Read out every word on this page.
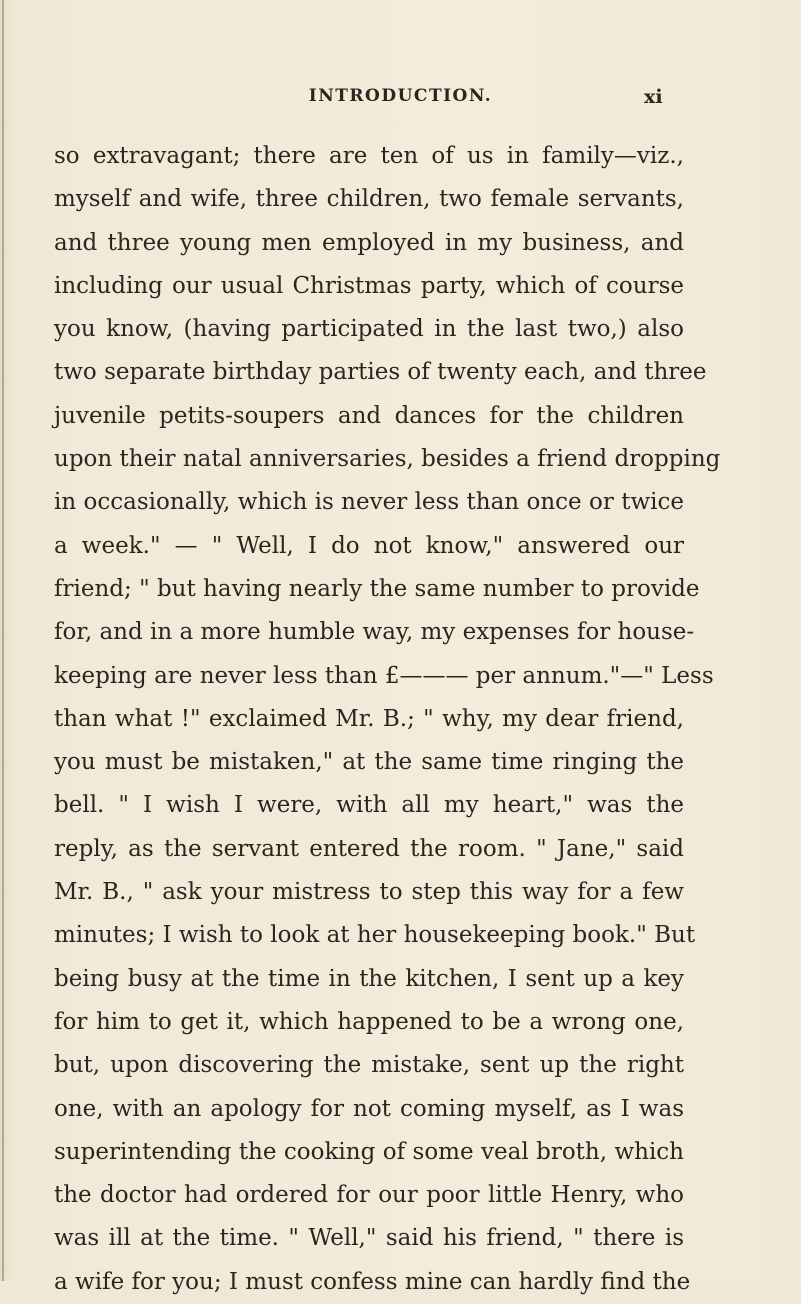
INTRODUCTION.	xi
so extravagant; there are ten of us in family—viz.,
myself and wife, three children, two female servants,
and three young men employed in my business, and
including our usual Christmas party, which of course
you know, (having participated in the last two,) also
two separate birthday parties of twenty each, and three
juvenile petits-soupers and dances for the children
upon their natal anniversaries, besides a friend dropping
in occasionally, which is never less than once or twice
a week." — " Well, I do not know," answered our
friend; " but having nearly the same number to provide
for, and in a more humble way, my expenses for house-
keeping are never less than £——— per annum."—" Less
than what !" exclaimed Mr. B.; " why, my dear friend,
you must be mistaken," at the same time ringing the
bell. " I wish I were, with all my heart," was the
reply, as the servant entered the room. " Jane," said
Mr. B., " ask your mistress to step this way for a few
minutes; I wish to look at her housekeeping book." But
being busy at the time in the kitchen, I sent up a key
for him to get it, which happened to be a wrong one,
but, upon discovering the mistake, sent up the right
one, with an apology for not coming myself, as I was
superintending the cooking of some veal broth, which
the doctor had ordered for our poor little Henry, who
was ill at the time. " Well," said his friend, " there is
a wife for you; I must confess mine can hardly find the
